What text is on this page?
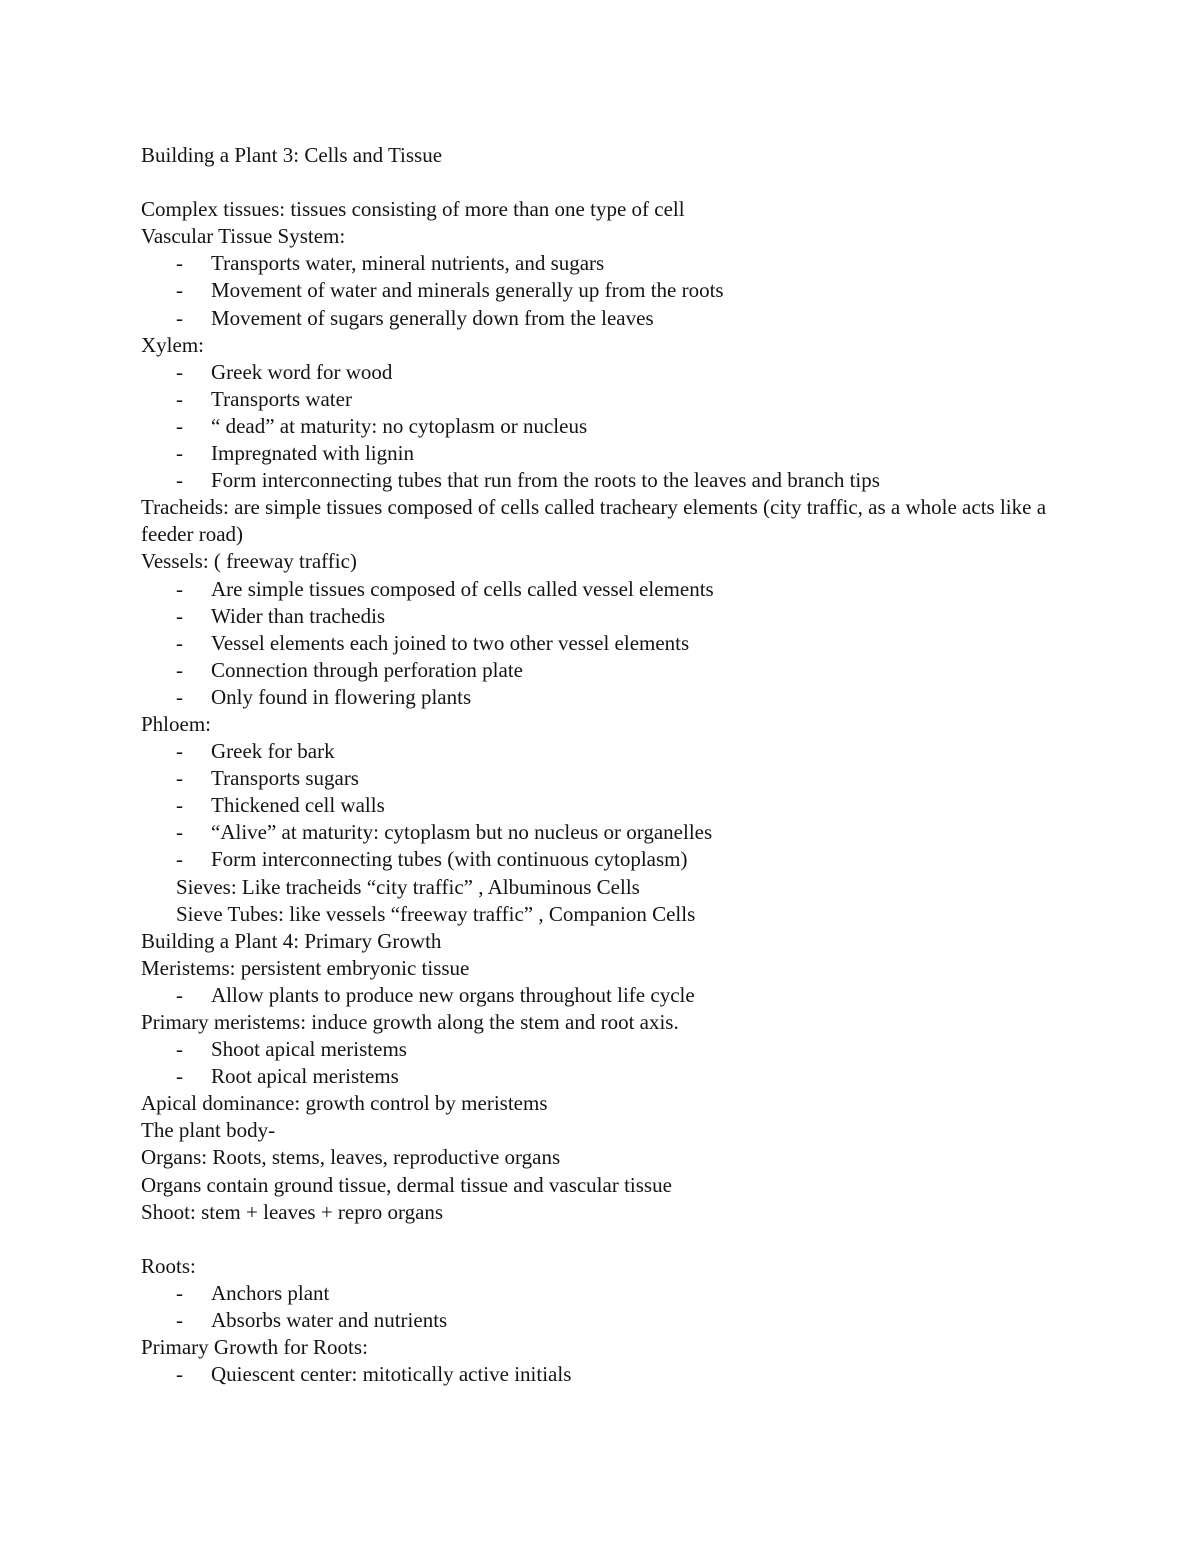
Building a Plant 3: Cells and Tissue
Complex tissues: tissues consisting of more than one type of cell
Vascular Tissue System:
- Transports water, mineral nutrients, and sugars
- Movement of water and minerals generally up from the roots
- Movement of sugars generally down from the leaves
Xylem:
- Greek word for wood
- Transports water
- “ dead” at maturity: no cytoplasm or nucleus
- Impregnated with lignin
- Form interconnecting tubes that run from the roots to the leaves and branch tips
Tracheids: are simple tissues composed of cells called tracheary elements (city traffic, as a whole acts like a feeder road)
Vessels: ( freeway traffic)
- Are simple tissues composed of cells called vessel elements
- Wider than trachedis
- Vessel elements each joined to two other vessel elements
- Connection through perforation plate
- Only found in flowering plants
Phloem:
- Greek for bark
- Transports sugars
- Thickened cell walls
- “Alive” at maturity: cytoplasm but no nucleus or organelles
- Form interconnecting tubes (with continuous cytoplasm)
Sieves: Like tracheids “city traffic” , Albuminous Cells
Sieve Tubes: like vessels “freeway traffic” , Companion Cells
Building a Plant 4: Primary Growth
Meristems: persistent embryonic tissue
- Allow plants to produce new organs throughout life cycle
Primary meristems: induce growth along the stem and root axis.
- Shoot apical meristems
- Root apical meristems
Apical dominance: growth control by meristems
The plant body-
Organs: Roots, stems, leaves, reproductive organs
Organs contain ground tissue, dermal tissue and vascular tissue
Shoot: stem + leaves + repro organs
Roots:
- Anchors plant
- Absorbs water and nutrients
Primary Growth for Roots:
- Quiescent center: mitotically active initials
